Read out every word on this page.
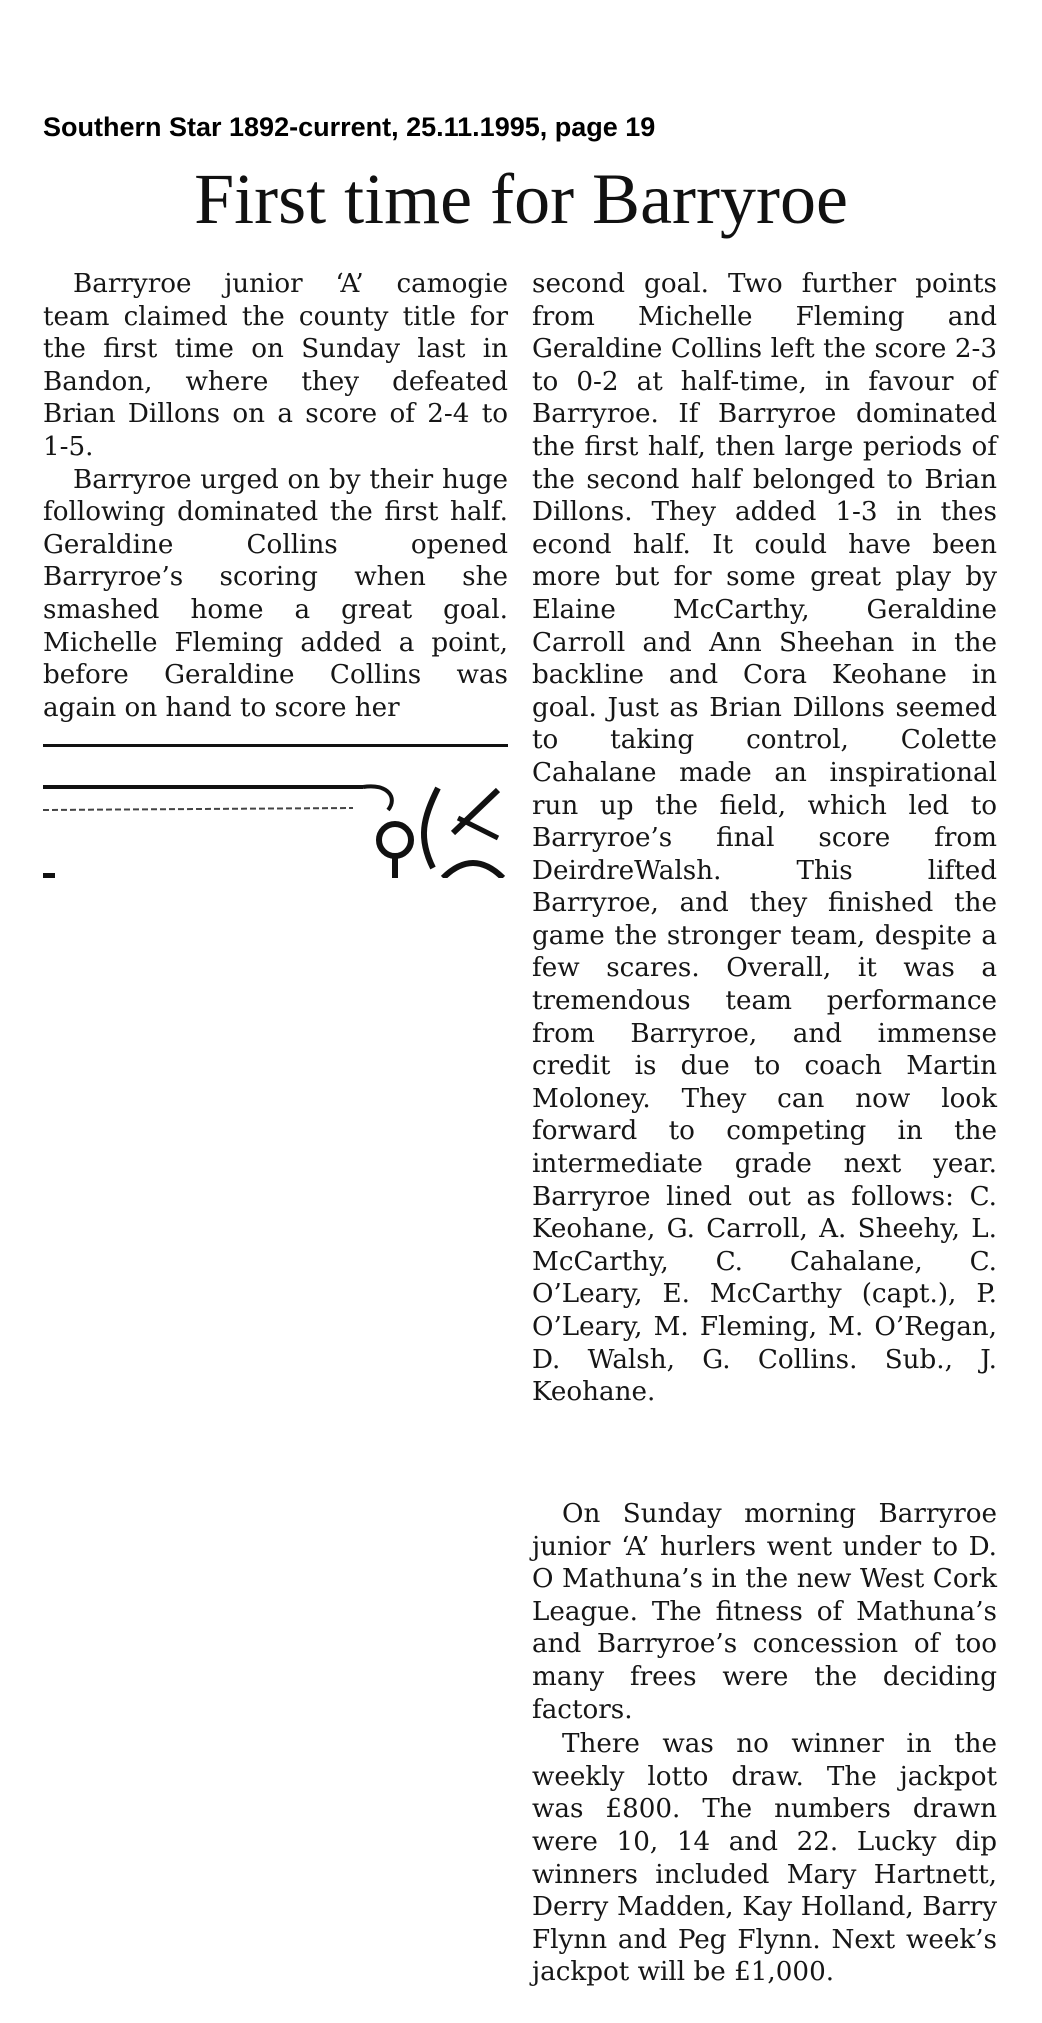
Southern Star 1892-current, 25.11.1995, page 19
First time for Barryroe

Barryroe junior ‘A’ camogie team claimed the county title for the first time on Sunday last in Bandon, where they defeated Brian Dillons on a score of 2-4 to 1-5.

Barryroe urged on by their huge following dominated the first half. Geraldine Collins opened Barryroe’s scoring when she smashed home a great goal. Michelle Fleming added a point, before Geraldine Collins was again on hand to score her

second goal. Two further points from Michelle Fleming and Geraldine Collins left the score 2-3 to 0-2 at half-time, in favour of Barryroe. If Barryroe dominated the first half, then large periods of the second half belonged to Brian Dillons. They added 1-3 in thes econd half. It could have been more but for some great play by Elaine McCarthy, Geraldine Carroll and Ann Sheehan in the backline and Cora Keohane in goal. Just as Brian Dillons seemed to taking control, Colette Cahalane made an inspirational run up the field, which led to Barryroe’s final score from DeirdreWalsh. This lifted Barryroe, and they finished the game the stronger team, despite a few scares. Overall, it was a tremendous team performance from Barryroe, and immense credit is due to coach Martin Moloney. They can now look forward to competing in the intermediate grade next year. Barryroe lined out as follows: C. Keohane, G. Carroll, A. Sheehy, L. McCarthy, C. Cahalane, C. O’Leary, E. McCarthy (capt.), P. O’Leary, M. Fleming, M. O’Regan, D. Walsh, G. Collins. Sub., J. Keohane.

On Sunday morning Barryroe junior ‘A’ hurlers went under to D. O Mathuna’s in the new West Cork League. The fitness of Mathuna’s and Barryroe’s concession of too many frees were the deciding factors.

There was no winner in the weekly lotto draw. The jackpot was £800. The numbers drawn were 10, 14 and 22. Lucky dip winners included Mary Hartnett, Derry Madden, Kay Holland, Barry Flynn and Peg Flynn. Next week’s jackpot will be £1,000.
